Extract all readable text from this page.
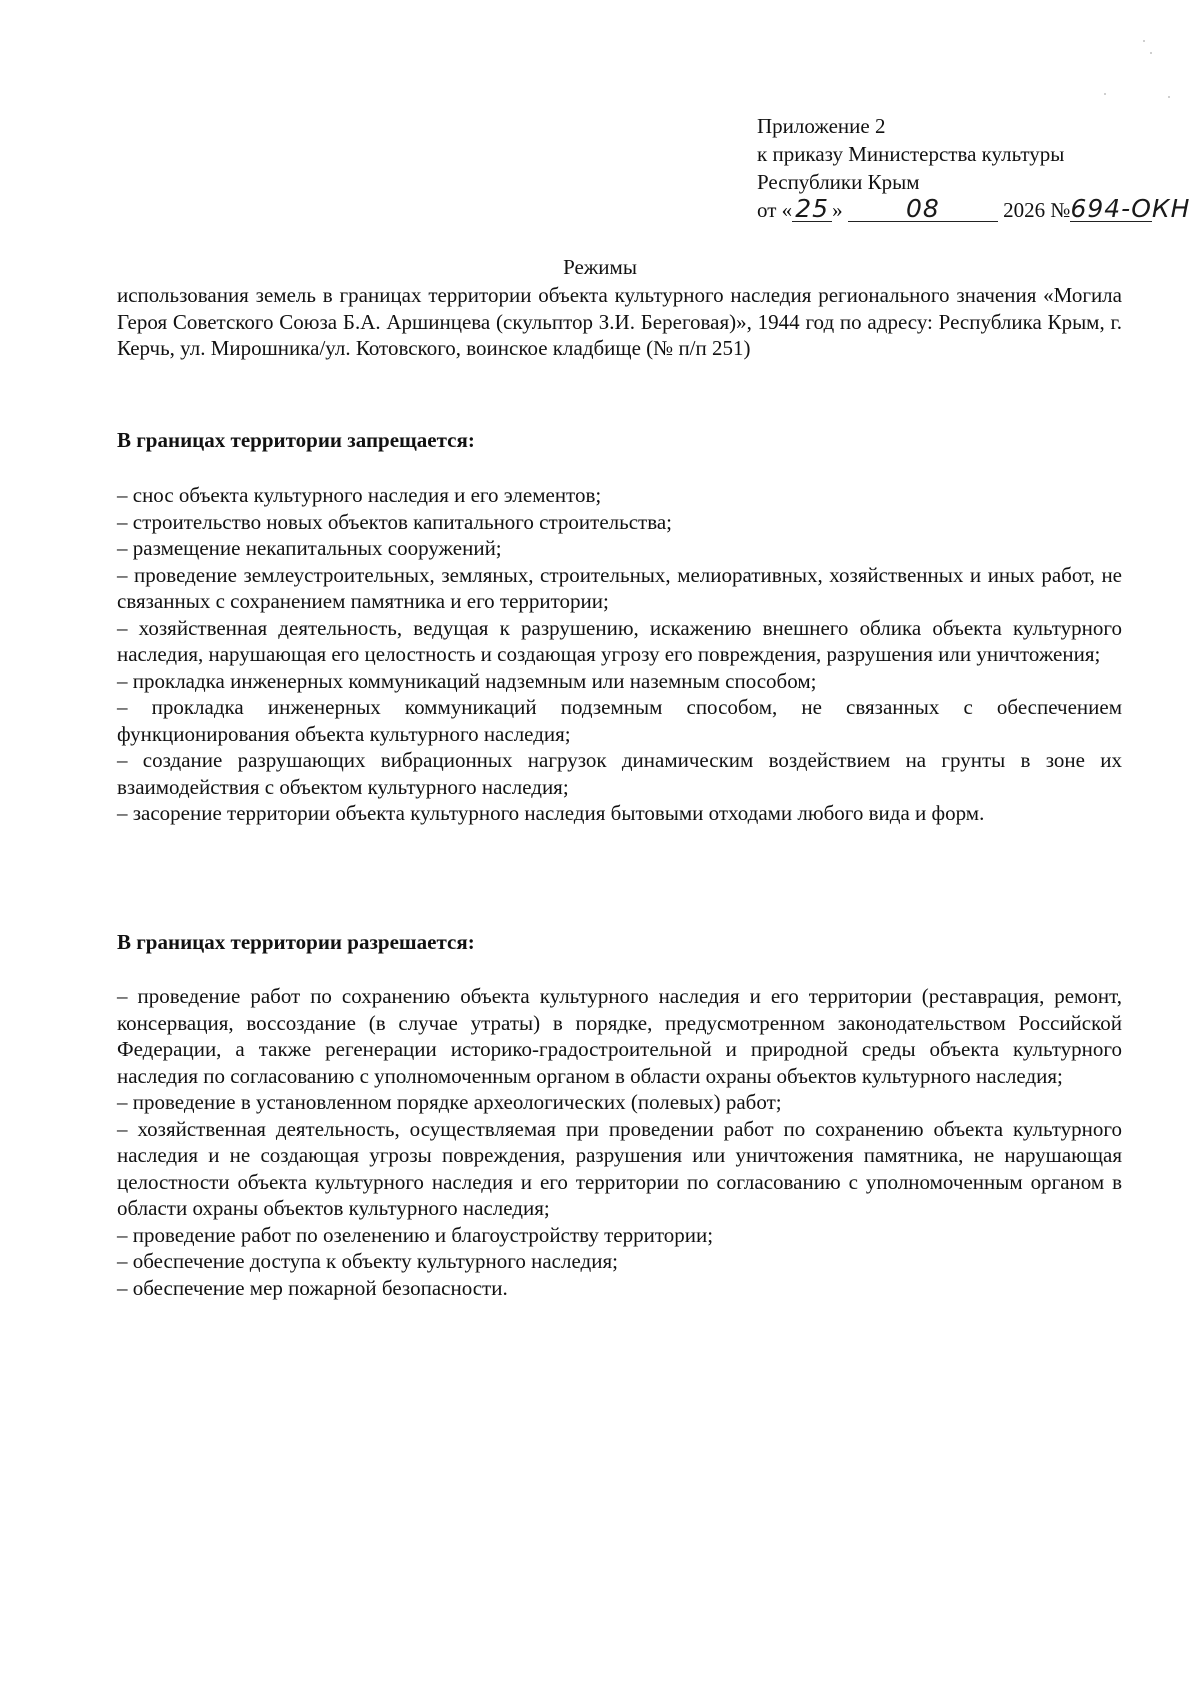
Приложение 2
к приказу Министерства культуры
Республики Крым
от « 25 »	08	2026 №694-ОКН
Режимы
использования земель в границах территории объекта культурного наследия регионального значения «Могила Героя Советского Союза Б.А. Аршинцева (скульптор З.И. Береговая)», 1944 год по адресу: Республика Крым, г. Керчь, ул. Мирошника/ул. Котовского, воинское кладбище (№ п/п 251)
В границах территории запрещается:
– снос объекта культурного наследия и его элементов;
– строительство новых объектов капитального строительства;
– размещение некапитальных сооружений;
– проведение землеустроительных, земляных, строительных, мелиоративных, хозяйственных и иных работ, не связанных с сохранением памятника и его территории;
– хозяйственная деятельность, ведущая к разрушению, искажению внешнего облика объекта культурного наследия, нарушающая его целостность и создающая угрозу его повреждения, разрушения или уничтожения;
– прокладка инженерных коммуникаций надземным или наземным способом;
– прокладка инженерных коммуникаций подземным способом, не связанных с обеспечением функционирования объекта культурного наследия;
– создание разрушающих вибрационных нагрузок динамическим воздействием на грунты в зоне их взаимодействия с объектом культурного наследия;
– засорение территории объекта культурного наследия бытовыми отходами любого вида и форм.
В границах территории разрешается:
– проведение работ по сохранению объекта культурного наследия и его территории (реставрация, ремонт, консервация, воссоздание (в случае утраты) в порядке, предусмотренном законодательством Российской Федерации, а также регенерации историко-градостроительной и природной среды объекта культурного наследия по согласованию с уполномоченным органом в области охраны объектов культурного наследия;
– проведение в установленном порядке археологических (полевых) работ;
– хозяйственная деятельность, осуществляемая при проведении работ по сохранению объекта культурного наследия и не создающая угрозы повреждения, разрушения или уничтожения памятника, не нарушающая целостности объекта культурного наследия и его территории по согласованию с уполномоченным органом в области охраны объектов культурного наследия;
– проведение работ по озеленению и благоустройству территории;
– обеспечение доступа к объекту культурного наследия;
– обеспечение мер пожарной безопасности.
